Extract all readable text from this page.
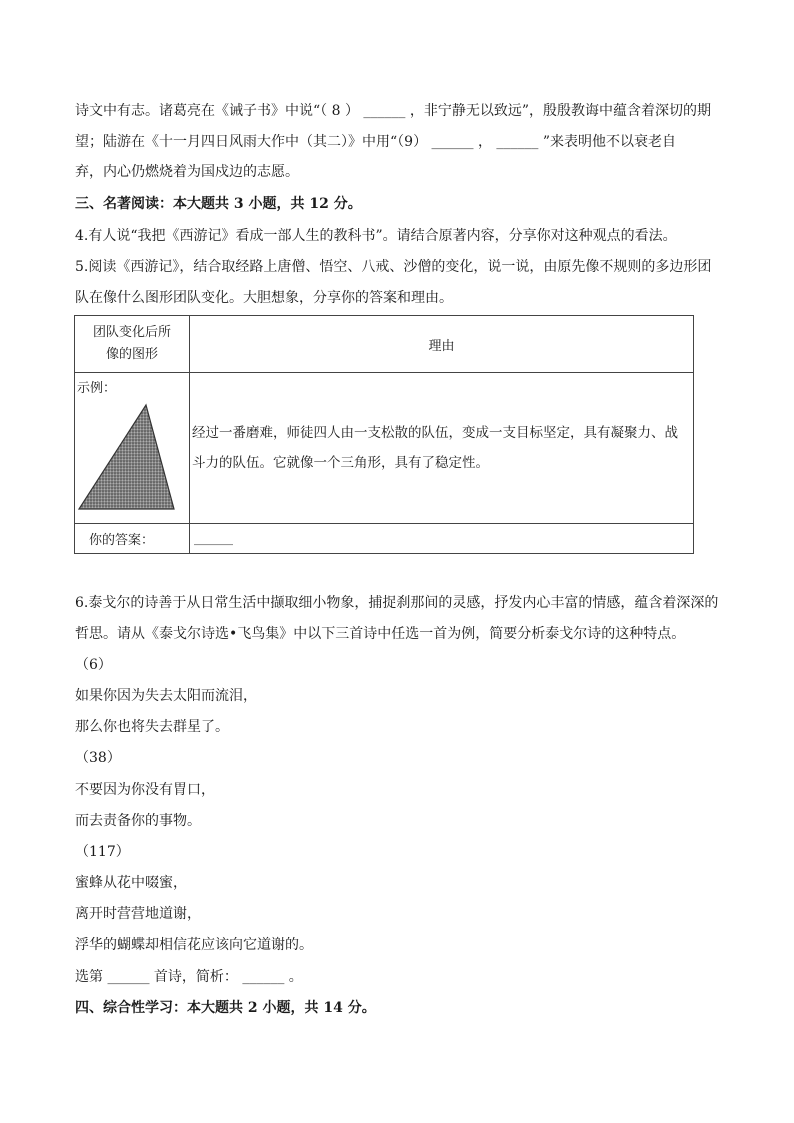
诗文中有志。诸葛亮在《诫子书》中说“（ 8 ） ______ ，非宁静无以致远”，殷殷教诲中蕴含着深切的期
望；陆游在《十一月四日风雨大作中（其二）》中用“（9） ______ ， ______ ”来表明他不以衰老自
弃，内心仍燃烧着为国戍边的志愿。
三、名著阅读：本大题共 3 小题，共 12 分。
4.有人说“我把《西游记》看成一部人生的教科书”。请结合原著内容，分享你对这种观点的看法。
5.阅读《西游记》，结合取经路上唐僧、悟空、八戒、沙僧的变化，说一说，由原先像不规则的多边形团
队在像什么图形团队变化。大胆想象，分享你的答案和理由。
团队变化后所
像的图形	理由

示例：	经过一番磨难，师徒四人由一支松散的队伍，变成一支目标坚定，具有凝聚力、战
斗力的队伍。它就像一个三角形，具有了稳定性。

你的答案：	______
6.泰戈尔的诗善于从日常生活中撷取细小物象，捕捉刹那间的灵感，抒发内心丰富的情感，蕴含着深深的
哲思。请从《泰戈尔诗选•飞鸟集》中以下三首诗中任选一首为例，简要分析泰戈尔诗的这种特点。
（6）
如果你因为失去太阳而流泪，
那么你也将失去群星了。
（38）
不要因为你没有胃口，
而去责备你的事物。
（117）
蜜蜂从花中啜蜜，
离开时营营地道谢，
浮华的蝴蝶却相信花应该向它道谢的。
选第 ______ 首诗，简析： ______ 。
四、综合性学习：本大题共 2 小题，共 14 分。
